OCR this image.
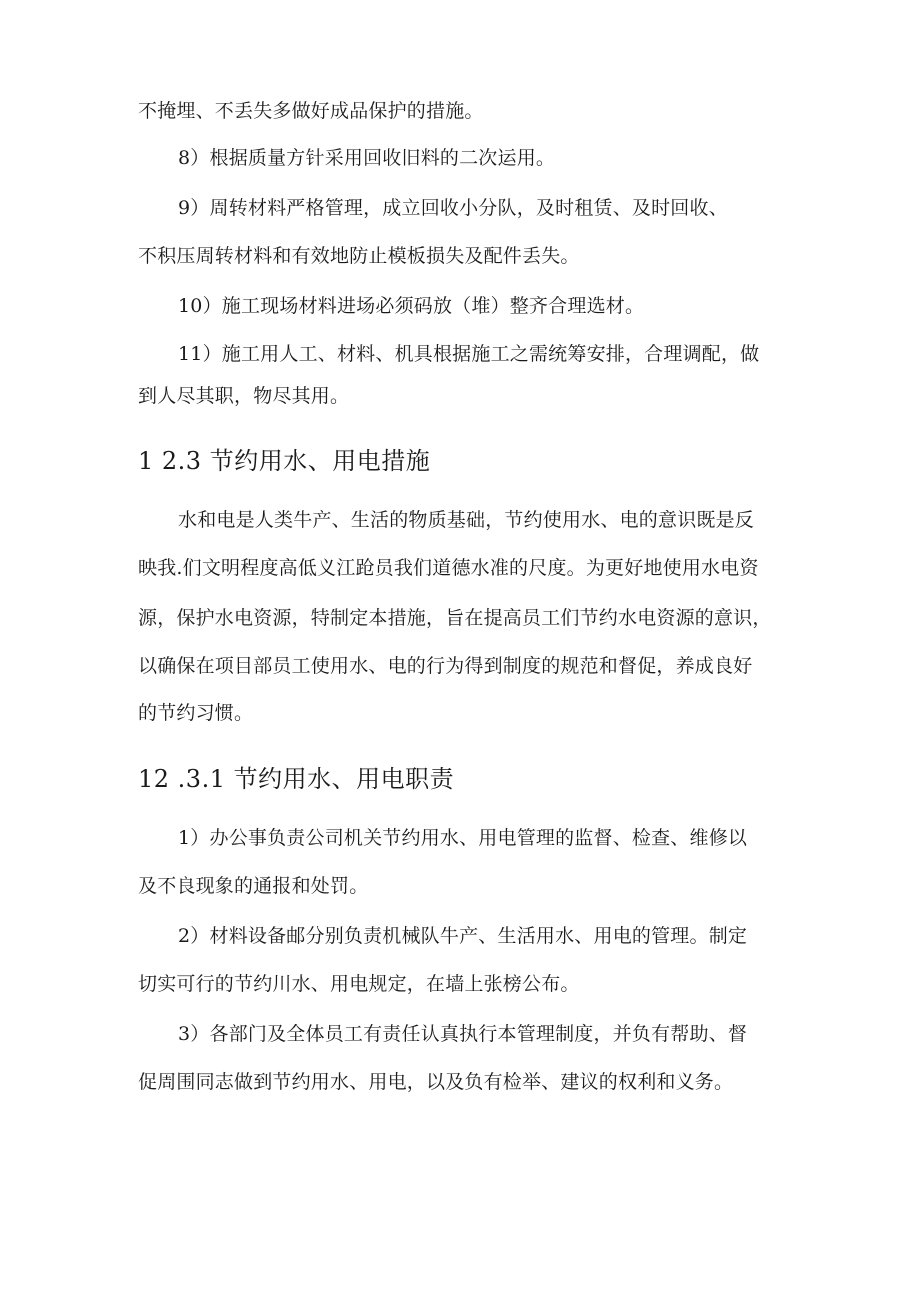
不掩埋、不丢失多做好成品保护的措施。
8）根据质量方针采用回收旧料的二次运用。
9）周转材料严格管理，成立回收小分队，及时租赁、及时回收、
不积压周转材料和有效地防止模板损失及配件丢失。
10）施工现场材料进场必须码放（堆）整齐合理选材。
11）施工用人工、材料、机具根据施工之需统筹安排，合理调配，做
到人尽其职，物尽其用。
1 2.3 节约用水、用电措施
水和电是人类牛产、生活的物质基础，节约使用水、电的意识既是反
映我.们文明程度高低义江跄员我们道德水准的尺度。为更好地使用水电资
源，保护水电资源，特制定本措施，旨在提高员工们节约水电资源的意识，
以确保在项目部员工使用水、电的行为得到制度的规范和督促，养成良好
的节约习惯。
12 .3.1 节约用水、用电职责
1）办公事负责公司机关节约用水、用电管理的监督、检查、维修以
及不良现象的通报和处罚。
2）材料设备邮分别负责机械队牛产、生活用水、用电的管理。制定
切实可行的节约川水、用电规定，在墙上张榜公布。
3）各部门及全体员工有责任认真执行本管理制度，并负有帮助、督
促周围同志做到节约用水、用电，以及负有检举、建议的权利和义务。
